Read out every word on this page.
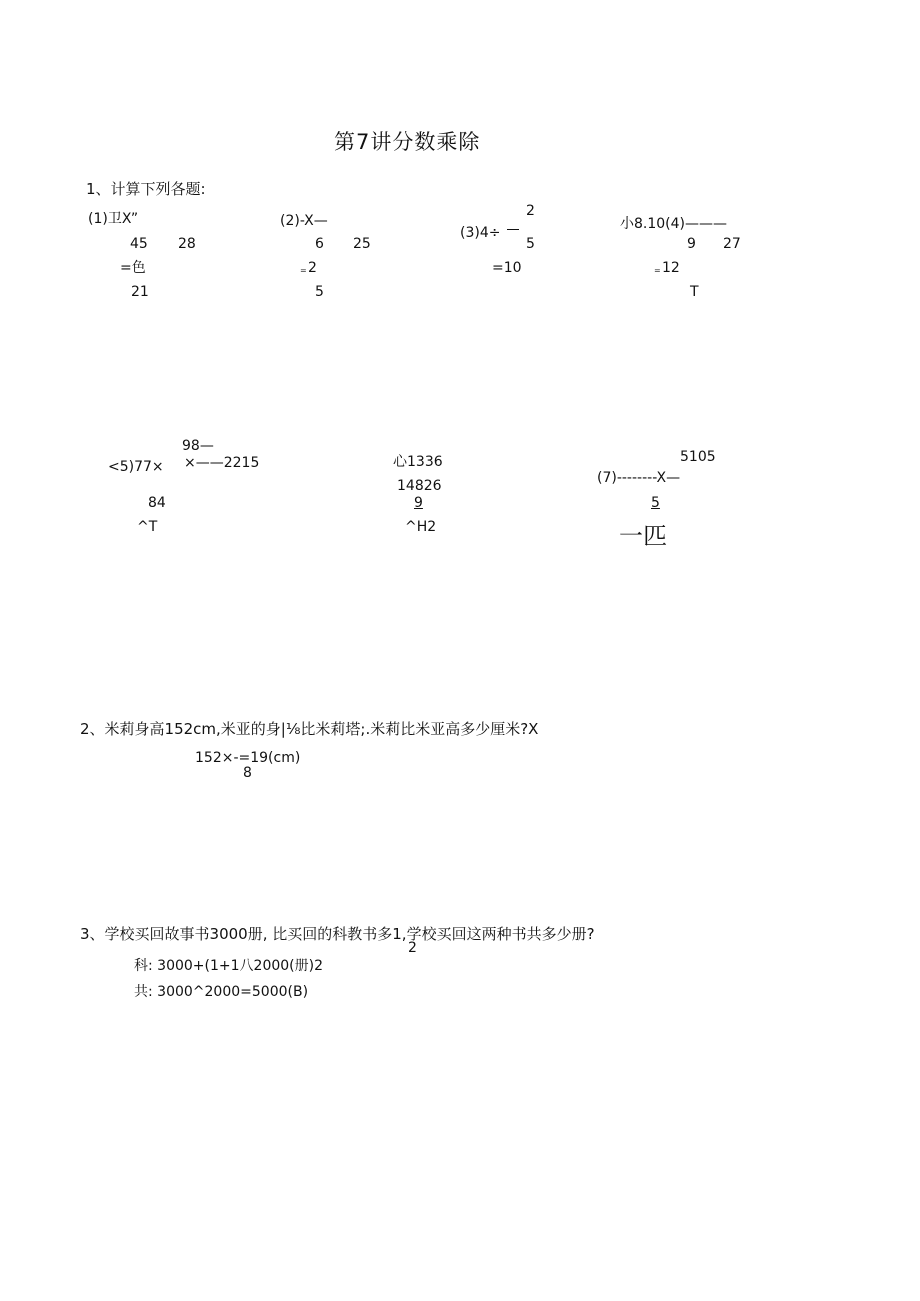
第7讲分数乘除
1、计算下列各题:
(1)卫X”
45 28
=色
21
(2)-X—
6 25
= 2
5
2
(3)4÷
5
=10
小8.10(4)———
9 27
= 12
T
98—
<5)77× ×——2215
84
^T
心1336
14826
9
^H2
5105
(7)--------X—
5
一匹
2、米莉身高152cm,米亚的身|⅛比米莉塔;.米莉比米亚高多少厘米?X
152×-=19(cm)
8
3、学校买回故事书3000册, 比买回的科教书多1,学校买回这两种书共多少册?
2
科: 3000+(1+1八2000(册)2
共: 3000^2000=5000(B)
